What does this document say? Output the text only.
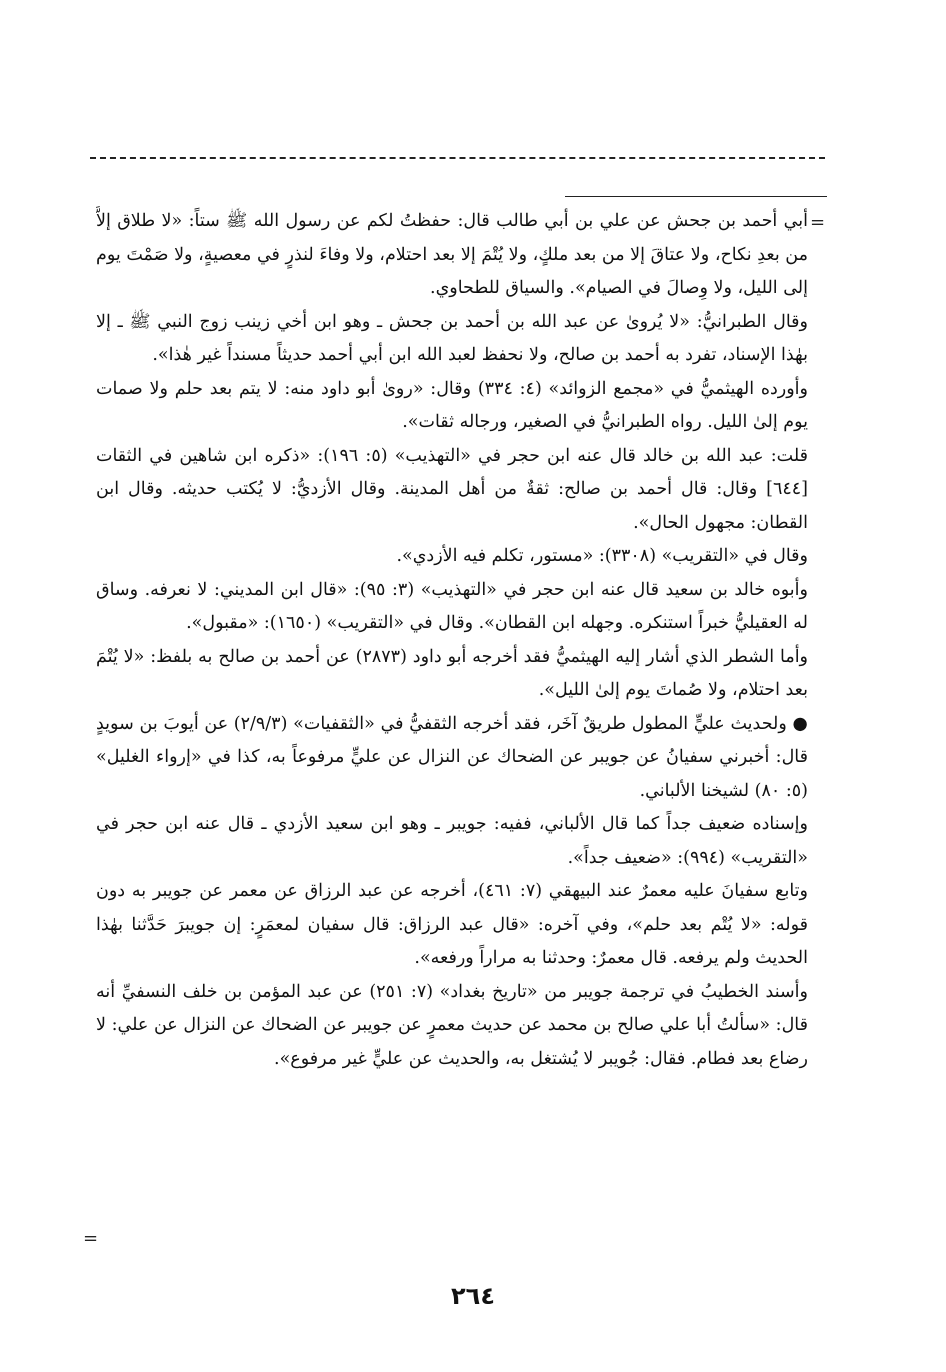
=

أبي أحمد بن جحش عن علي بن أبي طالب قال: حفظتُ لكم عن رسول الله ﷺ ستاً: «لا طلاق إلاَّ من بعدِ نكاح، ولا عتاقَ إلا من بعد ملكٍ، ولا يُتْمَ إلا بعد احتلام، ولا وفاءَ لنذرٍ في معصيةٍ، ولا صَمْتَ يوم إلى الليل، ولا وِصالَ في الصيام». والسياق للطحاوي.

وقال الطبرانيُّ: «لا يُروىٰ عن عبد الله بن أحمد بن جحش ـ وهو ابن أخي زينب زوج النبي ﷺ ـ إلا بهٰذا الإسناد، تفرد به أحمد بن صالح، ولا نحفظ لعبد الله ابن أبي أحمد حديثاً مسنداً غير هٰذا».

وأورده الهيثميُّ في «مجمع الزوائد» (٤: ٣٣٤) وقال: «روىٰ أبو داود منه: لا يتم بعد حلم ولا صمات يوم إلىٰ الليل. رواه الطبرانيُّ في الصغير، ورجاله ثقات».

قلت: عبد الله بن خالد قال عنه ابن حجر في «التهذيب» (٥: ١٩٦): «ذكره ابن شاهين في الثقات [٦٤٤] وقال: قال أحمد بن صالح: ثقةٌ من أهل المدينة. وقال الأزديُّ: لا يُكتب حديثه. وقال ابن القطان: مجهول الحال».

وقال في «التقريب» (٣٣٠٨): «مستور، تكلم فيه الأزدي».

وأبوه خالد بن سعيد قال عنه ابن حجر في «التهذيب» (٣: ٩٥): «قال ابن المديني: لا نعرفه. وساق له العقيليُّ خبراً استنكره. وجهله ابن القطان». وقال في «التقريب» (١٦٥٠): «مقبول».

وأما الشطر الذي أشار إليه الهيثميُّ فقد أخرجه أبو داود (٢٨٧٣) عن أحمد بن صالح به بلفظ: «لا يُتْمَ بعد احتلام، ولا صُماتَ يوم إلىٰ الليل».

● ولحديث عليٍّ المطول طريقٌ آخَر، فقد أخرجه الثقفيُّ في «الثقفيات» (٢/٩/٣) عن أيوبَ بن سويدٍ قال: أخبرني سفيانُ عن جويبر عن الضحاك عن النزال عن عليٍّ مرفوعاً به، كذا في «إرواء الغليل» (٥: ٨٠) لشيخنا الألباني.

وإسناده ضعيف جداً كما قال الألباني، ففيه: جويبر ـ وهو ابن سعيد الأزدي ـ قال عنه ابن حجر في «التقريب» (٩٩٤): «ضعيف جداً».

وتابع سفيانَ عليه معمرٌ عند البيهقي (٧: ٤٦١)، أخرجه عن عبد الرزاق عن معمر عن جويبر به دون قوله: «لا يُتْم بعد حلم»، وفي آخره: «قال عبد الرزاق: قال سفيان لمعمَرٍ: إن جويبرَ حَدَّثنا بهٰذا الحديث ولم يرفعه. قال معمرٌ: وحدثنا به مراراً ورفعه».

وأسند الخطيبُ في ترجمة جويبر من «تاريخ بغداد» (٧: ٢٥١) عن عبد المؤمن بن خلف النسفيِّ أنه قال: «سألتُ أبا علي صالح بن محمد عن حديث معمرٍ عن جويبر عن الضحاك عن النزال عن علي: لا رضاع بعد فطام. فقال: جُويبر لا يُشتغل به، والحديث عن عليٍّ غير مرفوع».

=
٢٦٤
